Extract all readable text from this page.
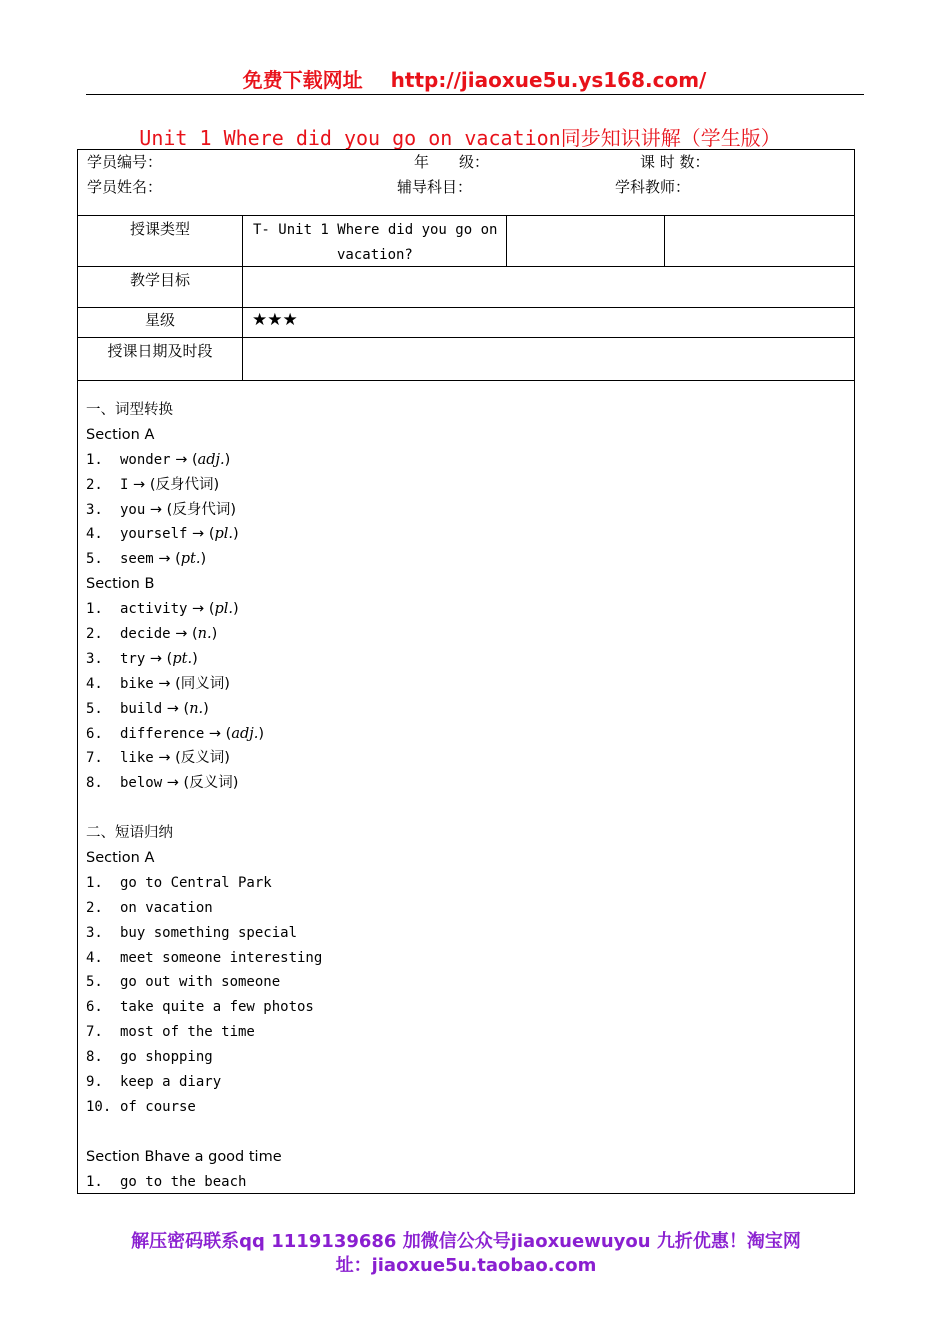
免费下载网址 http://jiaoxue5u.ys168.com/
Unit 1 Where did you go on vacation同步知识讲解（学生版）
学员编号：	年　　级：	课 时 数：
学员姓名：	辅导科目：	学科教师：
授课类型	T- Unit 1 Where did you go on
vacation?
教学目标
星级	★★★
授课日期及时段
一、词型转换
Section A
1. wonder → (adj.)
2. I → (反身代词)
3. you → (反身代词)
4. yourself → (pl.)
5. seem → (pt.)
Section B
1. activity → (pl.)
2. decide → (n.)
3. try → (pt.)
4. bike → (同义词)
5. build → (n.)
6. difference → (adj.)
7. like → (反义词)
8. below → (反义词)
二、短语归纳
Section A
1. go to Central Park
2. on vacation
3. buy something special
4. meet someone interesting
5. go out with someone
6. take quite a few photos
7. most of the time
8. go shopping
9. keep a diary
10. of course
Section Bhave a good time
1. go to the beach
解压密码联系qq 1119139686 加微信公众号jiaoxuewuyou 九折优惠！淘宝网
址：jiaoxue5u.taobao.com
